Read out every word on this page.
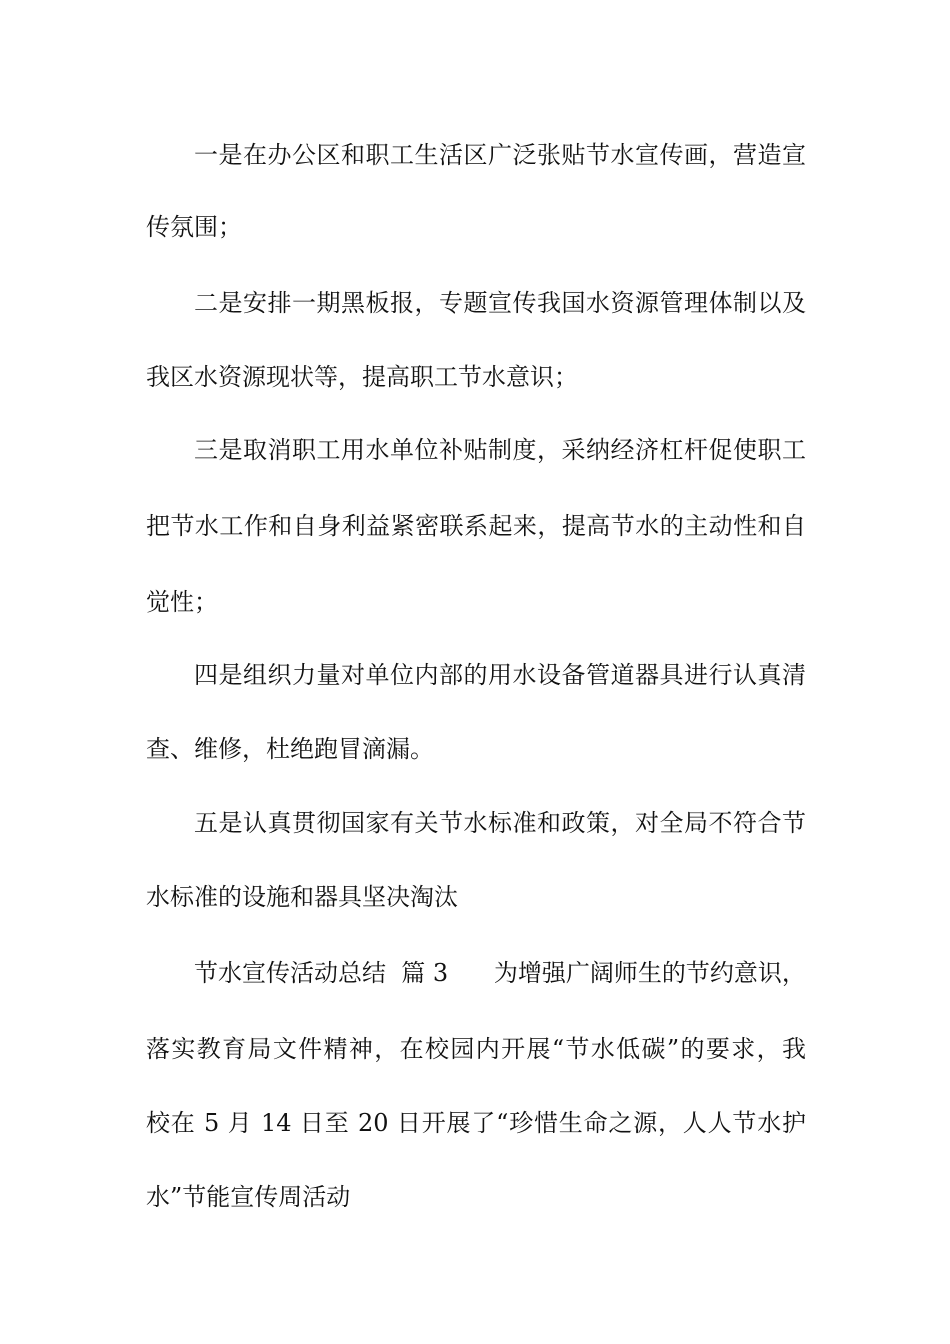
一是在办公区和职工生活区广泛张贴节水宣传画，营造宣
传氛围；
二是安排一期黑板报，专题宣传我国水资源管理体制以及
我区水资源现状等，提高职工节水意识；
三是取消职工用水单位补贴制度，采纳经济杠杆促使职工
把节水工作和自身利益紧密联系起来，提高节水的主动性和自
觉性；
四是组织力量对单位内部的用水设备管道器具进行认真清
查、维修，杜绝跑冒滴漏。
五是认真贯彻国家有关节水标准和政策，对全局不符合节
水标准的设施和器具坚决淘汰
节水宣传活动总结  篇 3      为增强广阔师生的节约意识，
落实教育局文件精神，在校园内开展“节水低碳”的要求，我
校在 5 月 14 日至 20 日开展了“珍惜生命之源，人人节水护
水”节能宣传周活动
